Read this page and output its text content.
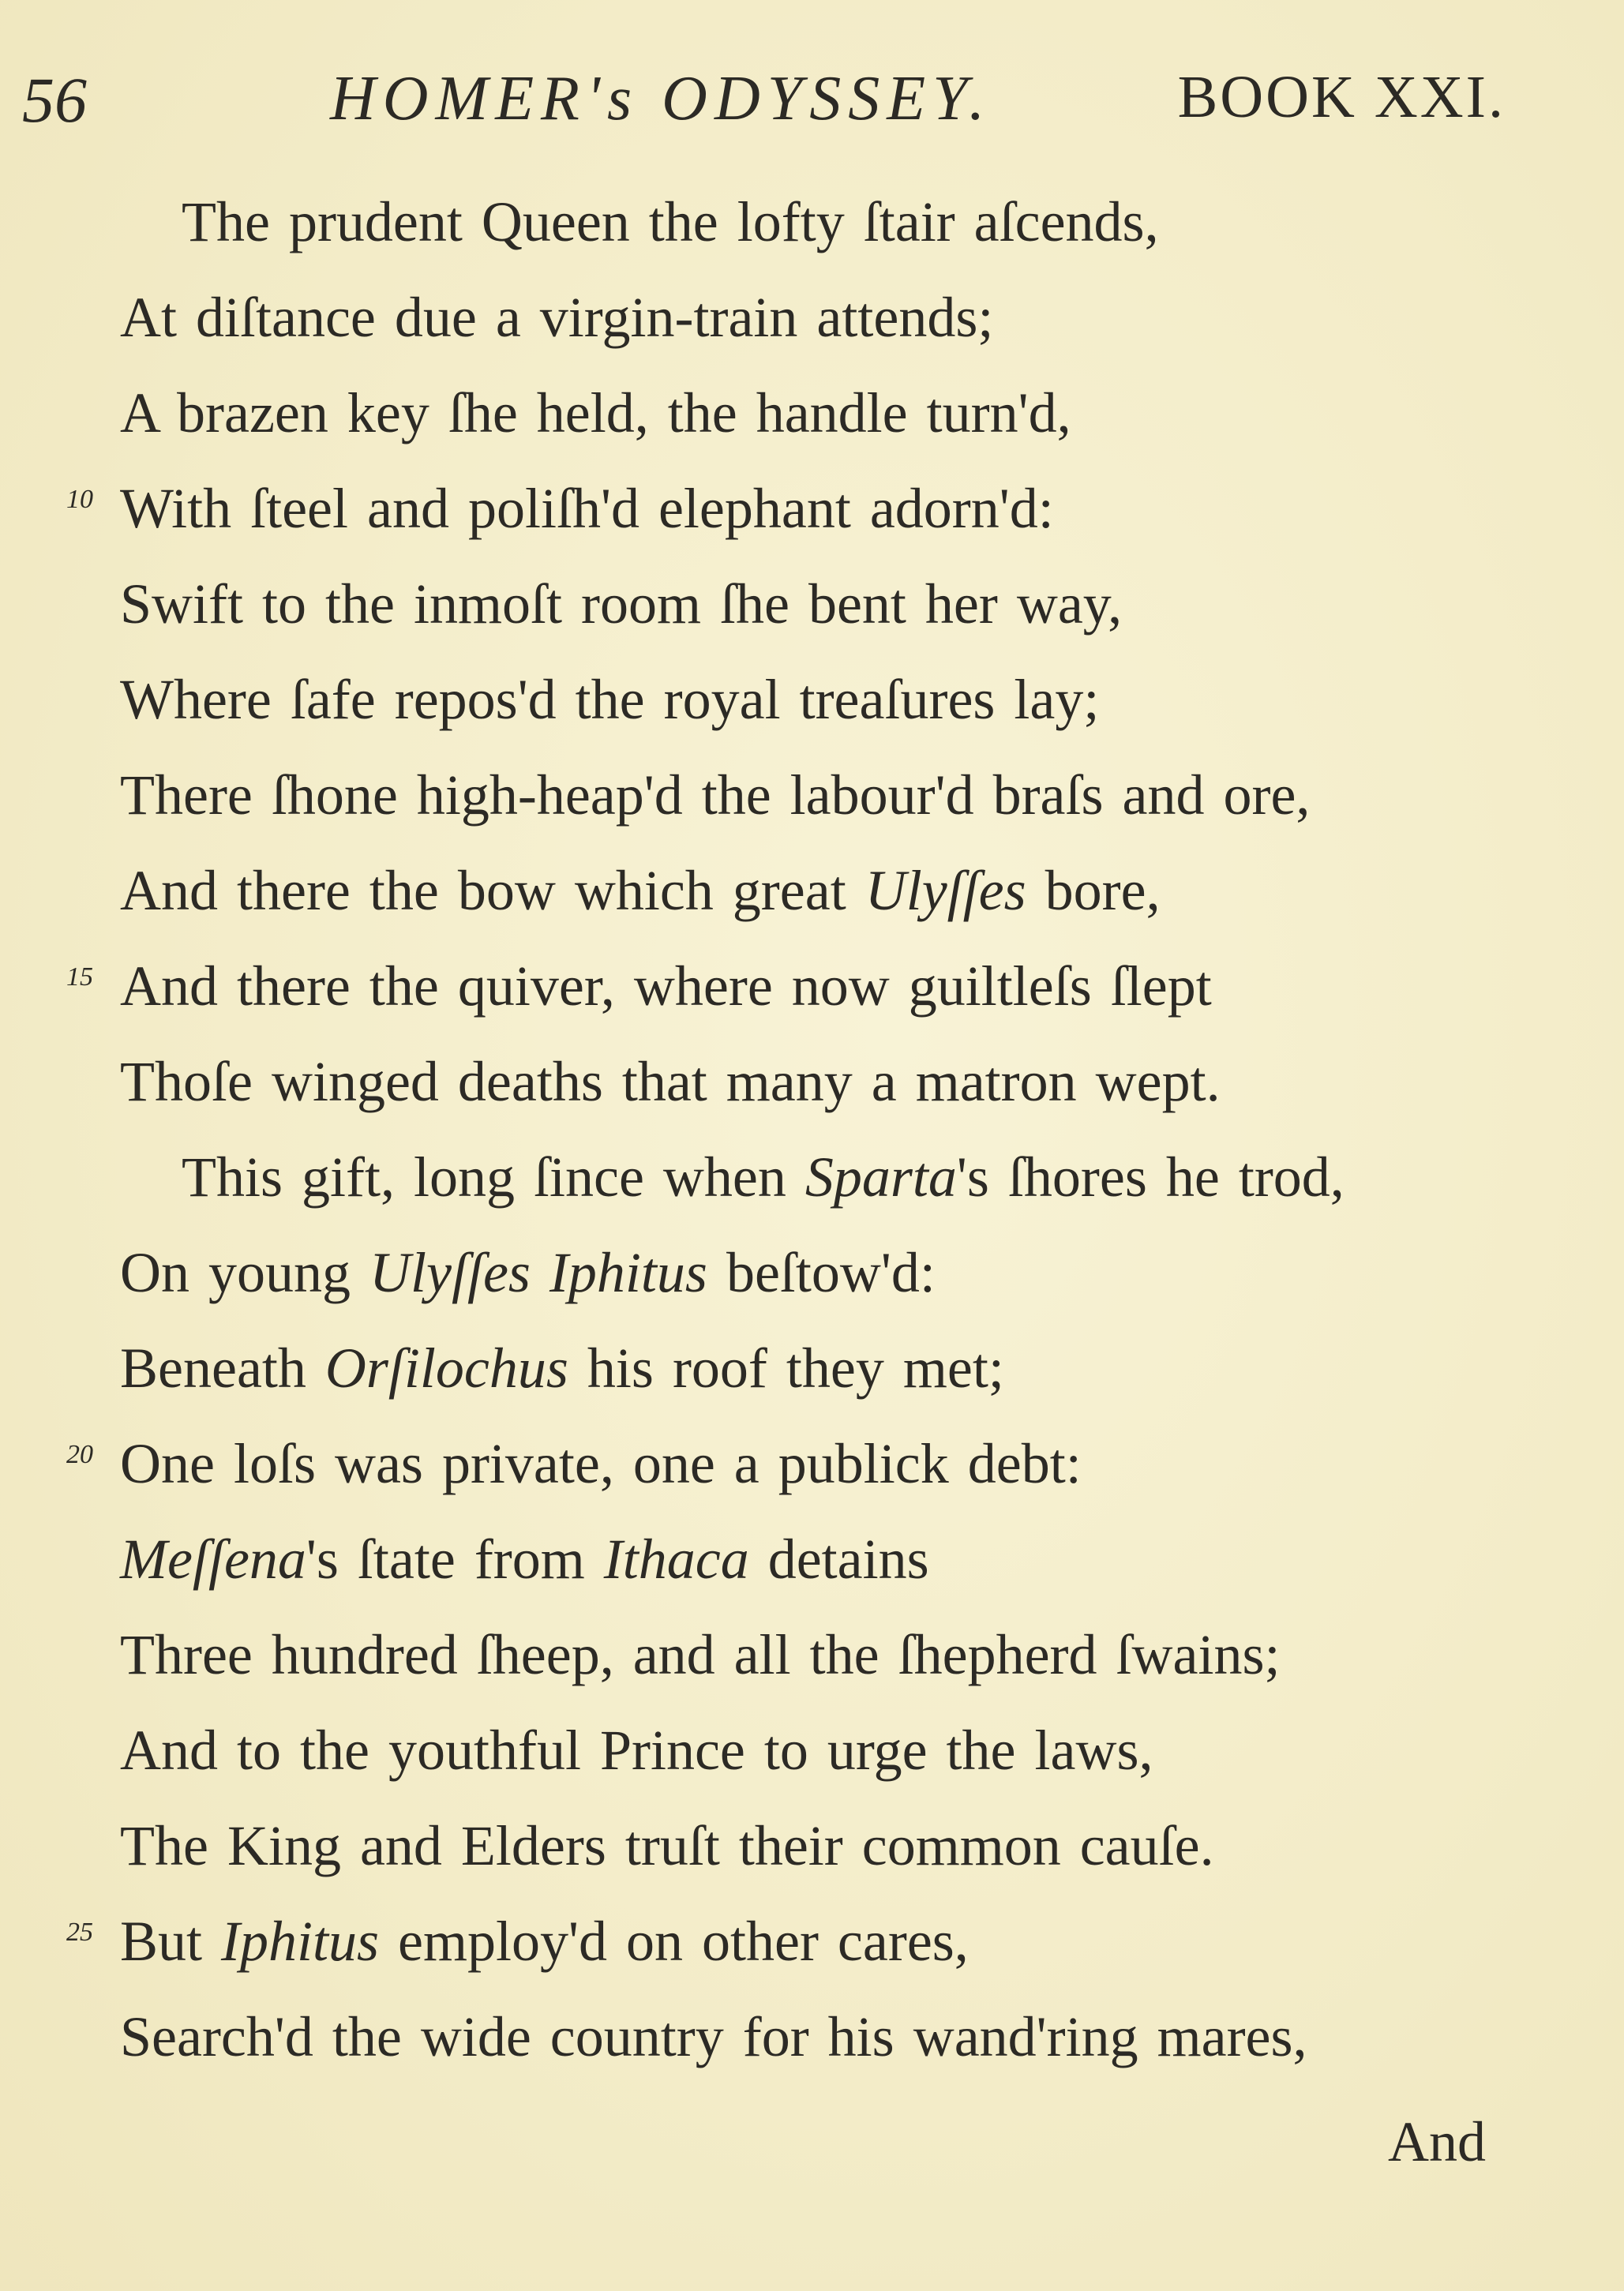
56	HOMER's ODYSSEY.	BOOK XXI.
The prudent Queen the lofty ſtair aſcends,
At diſtance due a virgin-train attends;
A brazen key ſhe held, the handle turn'd,
10 With ſteel and poliſh'd elephant adorn'd:
Swift to the inmoſt room ſhe bent her way,
Where ſafe repos'd the royal treaſures lay;
There ſhone high-heap'd the labour'd braſs and ore,
And there the bow which great Ulyſſes bore,
15 And there the quiver, where now guiltleſs ſlept
Thoſe winged deaths that many a matron wept.
This gift, long ſince when Sparta's ſhores he trod,
On young Ulyſſes Iphitus beſtow'd:
Beneath Orſilochus his roof they met;
20 One loſs was private, one a publick debt:
Meſſena's ſtate from Ithaca detains
Three hundred ſheep, and all the ſhepherd ſwains;
And to the youthful Prince to urge the laws,
The King and Elders truſt their common cauſe.
25 But Iphitus employ'd on other cares,
Search'd the wide country for his wand'ring mares,
And
